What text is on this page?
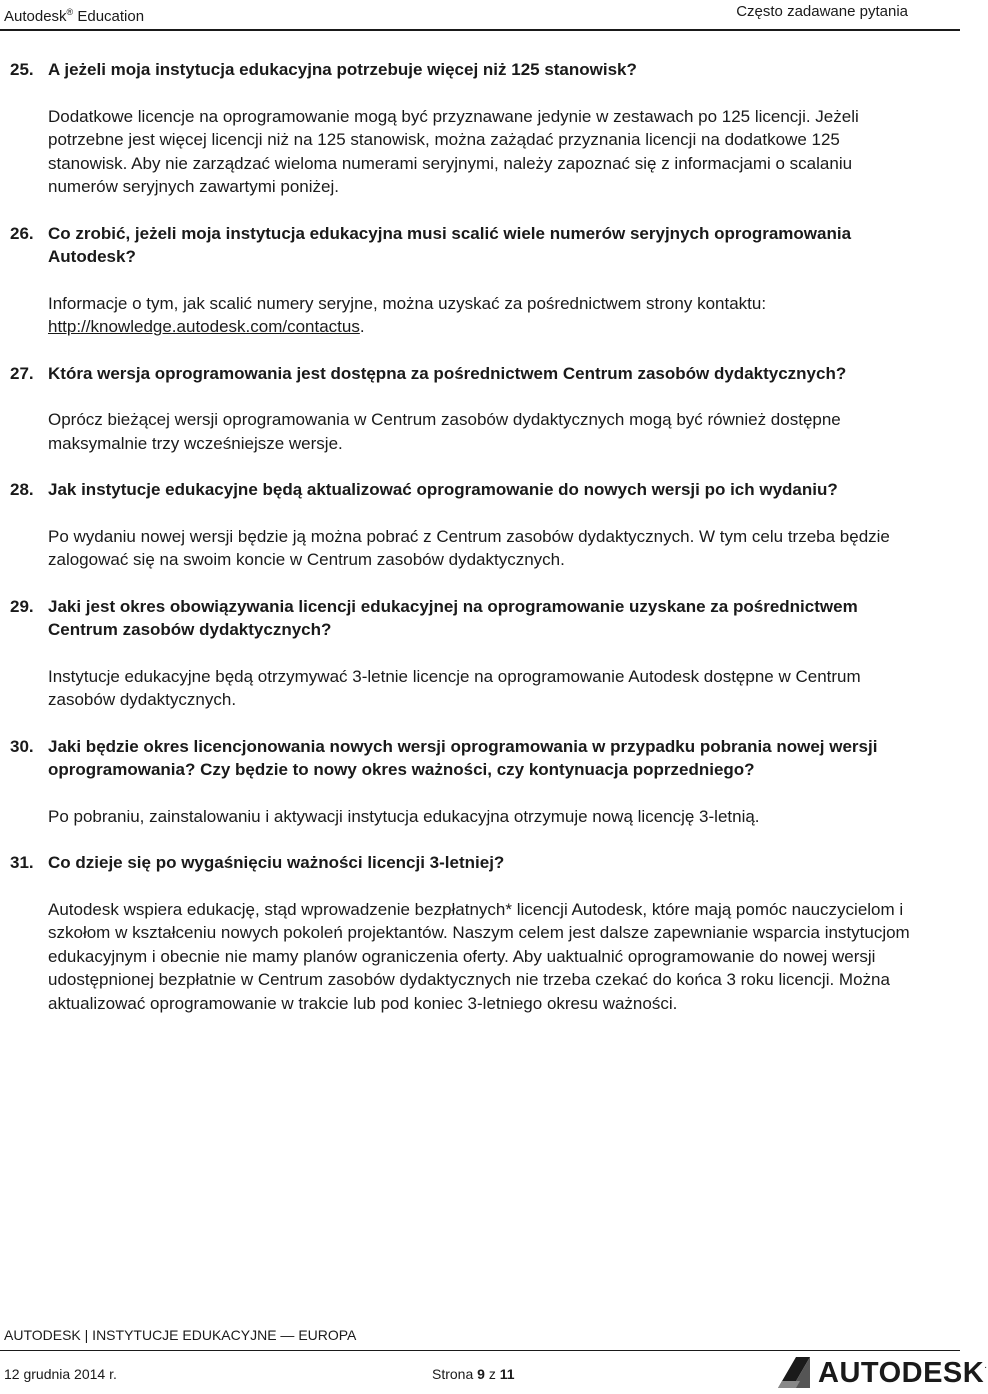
Autodesk® Education	Często zadawane pytania

25. A jeżeli moja instytucja edukacyjna potrzebuje więcej niż 125 stanowisk?

Dodatkowe licencje na oprogramowanie mogą być przyznawane jedynie w zestawach po 125 licencji. Jeżeli potrzebne jest więcej licencji niż na 125 stanowisk, można zażądać przyznania licencji na dodatkowe 125 stanowisk. Aby nie zarządzać wieloma numerami seryjnymi, należy zapoznać się z informacjami o scalaniu numerów seryjnych zawartymi poniżej.

26. Co zrobić, jeżeli moja instytucja edukacyjna musi scalić wiele numerów seryjnych oprogramowania Autodesk?

Informacje o tym, jak scalić numery seryjne, można uzyskać za pośrednictwem strony kontaktu: http://knowledge.autodesk.com/contactus.

27. Która wersja oprogramowania jest dostępna za pośrednictwem Centrum zasobów dydaktycznych?

Oprócz bieżącej wersji oprogramowania w Centrum zasobów dydaktycznych mogą być również dostępne maksymalnie trzy wcześniejsze wersje.

28. Jak instytucje edukacyjne będą aktualizować oprogramowanie do nowych wersji po ich wydaniu?

Po wydaniu nowej wersji będzie ją można pobrać z Centrum zasobów dydaktycznych. W tym celu trzeba będzie zalogować się na swoim koncie w Centrum zasobów dydaktycznych.

29. Jaki jest okres obowiązywania licencji edukacyjnej na oprogramowanie uzyskane za pośrednictwem Centrum zasobów dydaktycznych?

Instytucje edukacyjne będą otrzymywać 3-letnie licencje na oprogramowanie Autodesk dostępne w Centrum zasobów dydaktycznych.

30. Jaki będzie okres licencjonowania nowych wersji oprogramowania w przypadku pobrania nowej wersji oprogramowania? Czy będzie to nowy okres ważności, czy kontynuacja poprzedniego?

Po pobraniu, zainstalowaniu i aktywacji instytucja edukacyjna otrzymuje nową licencję 3-letnią.

31. Co dzieje się po wygaśnięciu ważności licencji 3-letniej?

Autodesk wspiera edukację, stąd wprowadzenie bezpłatnych* licencji Autodesk, które mają pomóc nauczycielom i szkołom w kształceniu nowych pokoleń projektantów. Naszym celem jest dalsze zapewnianie wsparcia instytucjom edukacyjnym i obecnie nie mamy planów ograniczenia oferty. Aby uaktualnić oprogramowanie do nowej wersji udostępnionej bezpłatnie w Centrum zasobów dydaktycznych nie trzeba czekać do końca 3 roku licencji. Można aktualizować oprogramowanie w trakcie lub pod koniec 3-letniego okresu ważności.

AUTODESK | INSTYTUCJE EDUKACYJNE — EUROPA
12 grudnia 2014 r.	Strona 9 z 11	AUTODESK.
